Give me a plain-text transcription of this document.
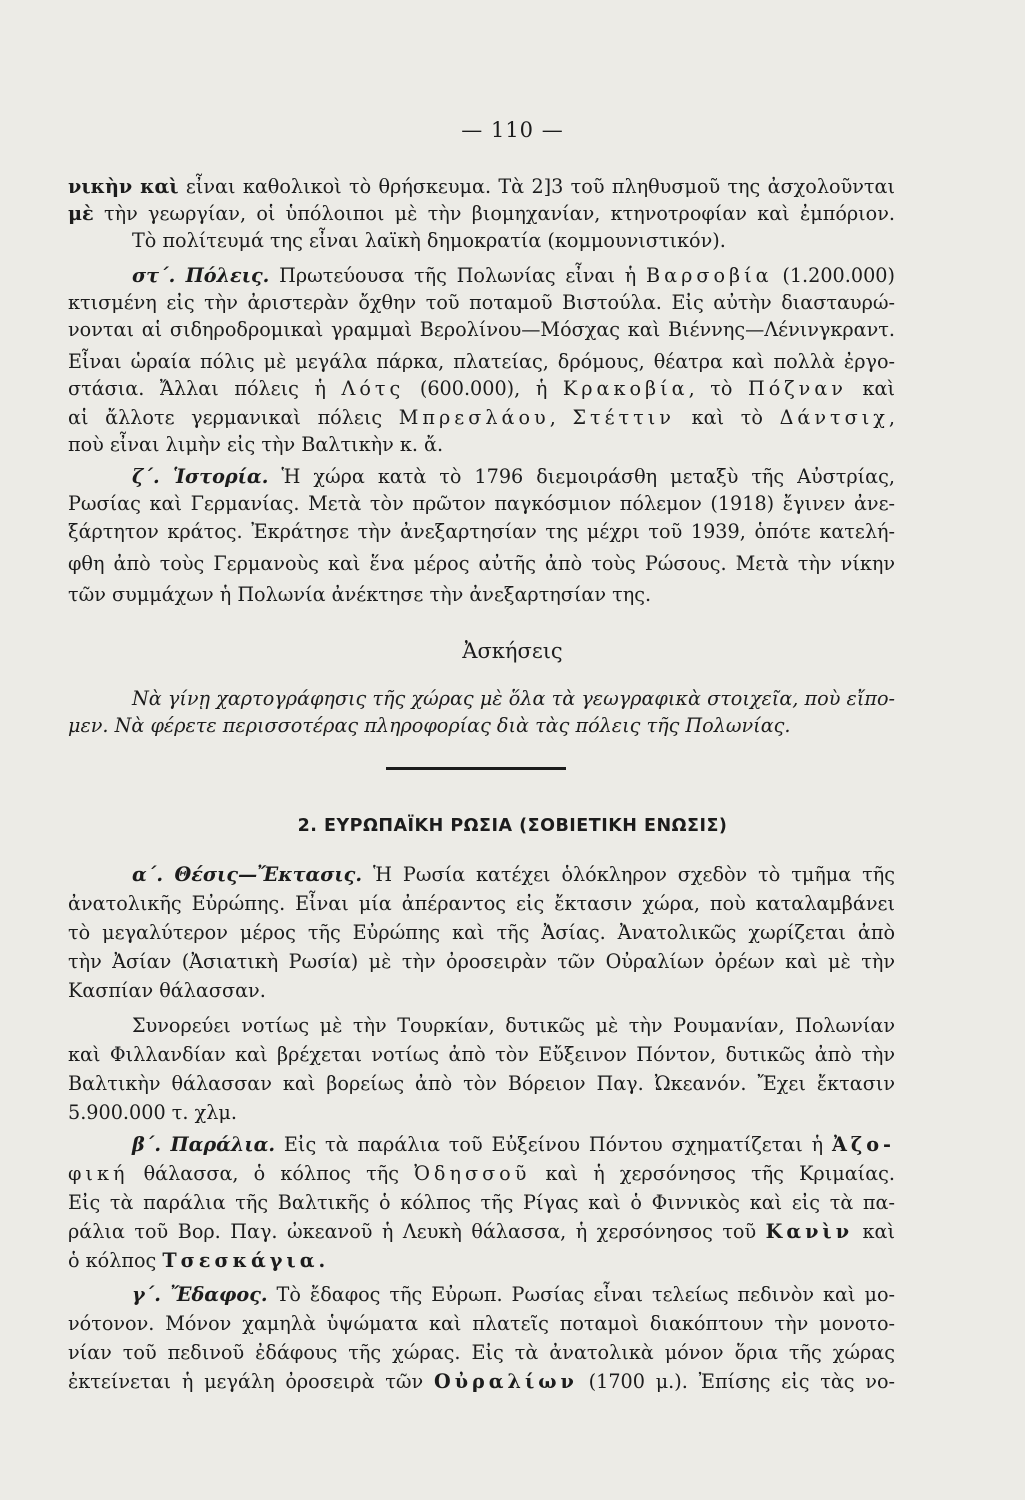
— 110 —
νικὴν καὶ εἶναι καθολικοὶ τὸ θρήσκευμα. Τὰ 2]3 τοῦ πληθυσμοῦ της ἀσχολοῦνται
μὲ τὴν γεωργίαν, οἱ ὑπόλοιποι μὲ τὴν βιομηχανίαν, κτηνοτροφίαν καὶ ἐμπόριον.
Τὸ πολίτευμά της εἶναι λαϊκὴ δημοκρατία (κομμουνιστικόν).
στ΄. Πόλεις. Πρωτεύουσα τῆς Πολωνίας εἶναι ἡ Βαρσοβία (1.200.000)
κτισμένη εἰς τὴν ἀριστερὰν ὄχθην τοῦ ποταμοῦ Βιστούλα. Εἰς αὐτὴν διασταυρώ-
νονται αἱ σιδηροδρομικαὶ γραμμαὶ Βερολίνου—Μόσχας καὶ Βιέννης—Λένινγκραντ.
Εἶναι ὡραία πόλις μὲ μεγάλα πάρκα, πλατείας, δρόμους, θέατρα καὶ πολλὰ ἐργο-
στάσια. Ἄλλαι πόλεις ἡ Λότς (600.000), ἡ Κρακοβία, τὸ Πόζναν καὶ
αἱ ἄλλοτε γερμανικαὶ πόλεις Μπρεσλάου, Στέττιν καὶ τὸ Δάντσιχ,
ποὺ εἶναι λιμὴν εἰς τὴν Βαλτικὴν κ. ἄ.
ζ΄. Ἱστορία. Ἡ χώρα κατὰ τὸ 1796 διεμοιράσθη μεταξὺ τῆς Αὐστρίας,
Ρωσίας καὶ Γερμανίας. Μετὰ τὸν πρῶτον παγκόσμιον πόλεμον (1918) ἔγινεν ἀνε-
ξάρτητον κράτος. Ἐκράτησε τὴν ἀνεξαρτησίαν της μέχρι τοῦ 1939, ὁπότε κατελή-
φθη ἀπὸ τοὺς Γερμανοὺς καὶ ἕνα μέρος αὐτῆς ἀπὸ τοὺς Ρώσους. Μετὰ τὴν νίκην
τῶν συμμάχων ἡ Πολωνία ἀνέκτησε τὴν ἀνεξαρτησίαν της.
Ἀσκήσεις
Νὰ γίνῃ χαρτογράφησις τῆς χώρας μὲ ὅλα τὰ γεωγραφικὰ στοιχεῖα, ποὺ εἴπο-
μεν. Νὰ φέρετε περισσοτέρας πληροφορίας διὰ τὰς πόλεις τῆς Πολωνίας.
2. ΕΥΡΩΠΑΪΚΗ ΡΩΣΙΑ (ΣΟΒΙΕΤΙΚΗ ΕΝΩΣΙΣ)
α΄. Θέσις—Ἔκτασις. Ἡ Ρωσία κατέχει ὁλόκληρον σχεδὸν τὸ τμῆμα τῆς
ἀνατολικῆς Εὐρώπης. Εἶναι μία ἀπέραντος εἰς ἔκτασιν χώρα, ποὺ καταλαμβάνει
τὸ μεγαλύτερον μέρος τῆς Εὐρώπης καὶ τῆς Ἀσίας. Ἀνατολικῶς χωρίζεται ἀπὸ
τὴν Ἀσίαν (Ἀσιατικὴ Ρωσία) μὲ τὴν ὀροσειρὰν τῶν Οὐραλίων ὀρέων καὶ μὲ τὴν
Κασπίαν θάλασσαν.
Συνορεύει νοτίως μὲ τὴν Τουρκίαν, δυτικῶς μὲ τὴν Ρουμανίαν, Πολωνίαν
καὶ Φιλλανδίαν καὶ βρέχεται νοτίως ἀπὸ τὸν Εὔξεινον Πόντον, δυτικῶς ἀπὸ τὴν
Βαλτικὴν θάλασσαν καὶ βορείως ἀπὸ τὸν Βόρειον Παγ. Ὠκεανόν. Ἔχει ἔκτασιν
5.900.000 τ. χλμ.
β΄. Παράλια. Εἰς τὰ παράλια τοῦ Εὐξείνου Πόντου σχηματίζεται ἡ Ἀζο-
φική θάλασσα, ὁ κόλπος τῆς Ὀδησσοῦ καὶ ἡ χερσόνησος τῆς Κριμαίας.
Εἰς τὰ παράλια τῆς Βαλτικῆς ὁ κόλπος τῆς Ρίγας καὶ ὁ Φιννικὸς καὶ εἰς τὰ πα-
ράλια τοῦ Βορ. Παγ. ὠκεανοῦ ἡ Λευκὴ θάλασσα, ἡ χερσόνησος τοῦ Κανὶν καὶ
ὁ κόλπος Τσεσκάγια.
γ΄. Ἔδαφος. Τὸ ἔδαφος τῆς Εὐρωπ. Ρωσίας εἶναι τελείως πεδινὸν καὶ μο-
νότονον. Μόνον χαμηλὰ ὑψώματα καὶ πλατεῖς ποταμοὶ διακόπτουν τὴν μονοτο-
νίαν τοῦ πεδινοῦ ἐδάφους τῆς χώρας. Εἰς τὰ ἀνατολικὰ μόνον ὅρια τῆς χώρας
ἐκτείνεται ἡ μεγάλη ὀροσειρὰ τῶν Οὐραλίων (1700 μ.). Ἐπίσης εἰς τὰς νο-
